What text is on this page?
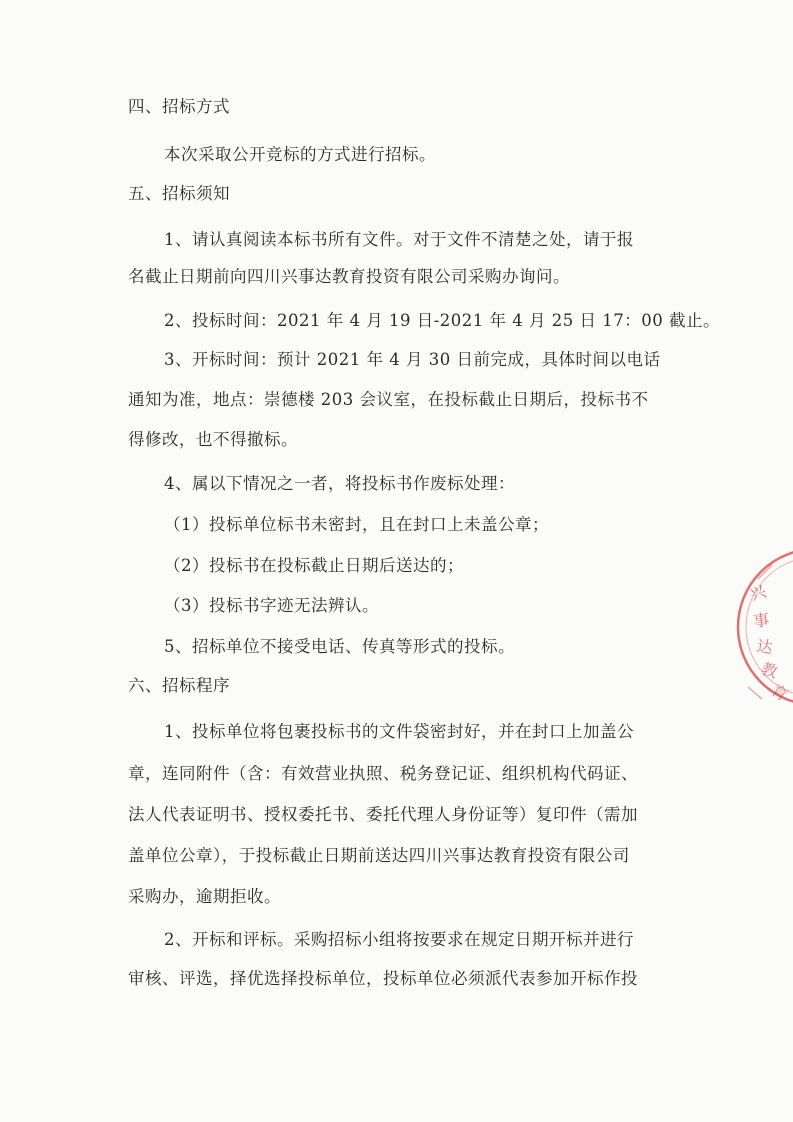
四、招标方式
本次采取公开竞标的方式进行招标。
五、招标须知
1、请认真阅读本标书所有文件。对于文件不清楚之处，请于报
名截止日期前向四川兴事达教育投资有限公司采购办询问。
2、投标时间：2021 年 4 月 19 日-2021 年 4 月 25 日 17：00 截止。
3、开标时间：预计 2021 年 4 月 30 日前完成，具体时间以电话
通知为准，地点：崇德楼 203 会议室，在投标截止日期后，投标书不
得修改，也不得撤标。
4、属以下情况之一者，将投标书作废标处理：
（1）投标单位标书未密封，且在封口上未盖公章；
（2）投标书在投标截止日期后送达的；
（3）投标书字迹无法辨认。
5、招标单位不接受电话、传真等形式的投标。
六、招标程序
1、投标单位将包裹投标书的文件袋密封好，并在封口上加盖公
章，连同附件（含：有效营业执照、税务登记证、组织机构代码证、
法人代表证明书、授权委托书、委托代理人身份证等）复印件（需加
盖单位公章），于投标截止日期前送达四川兴事达教育投资有限公司
采购办，逾期拒收。
2、开标和评标。采购招标小组将按要求在规定日期开标并进行
审核、评选，择优选择投标单位，投标单位必须派代表参加开标作投
兴
事
达
教
育
